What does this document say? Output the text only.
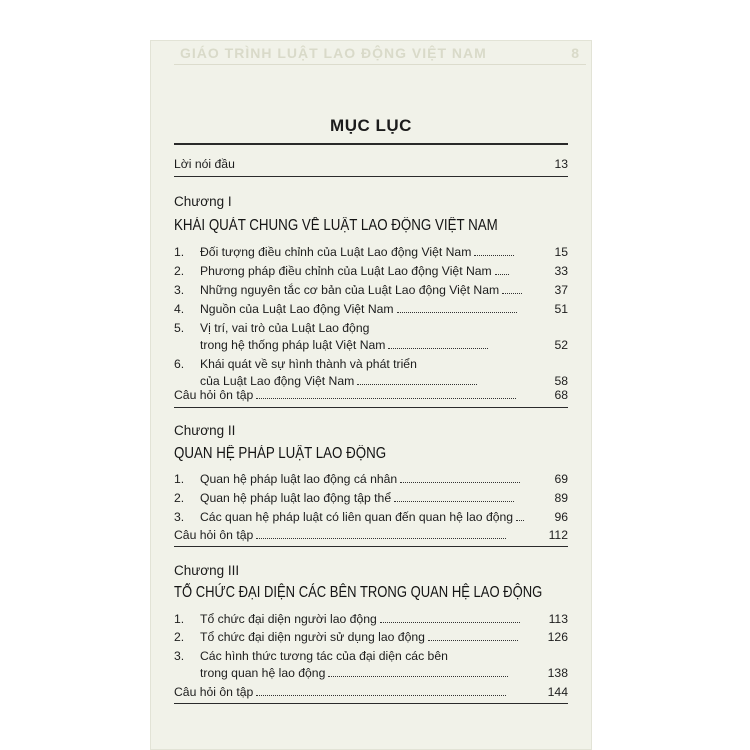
GIÁO TRÌNH LUẬT LAO ĐỘNG VIỆT NAM	8
MỤC LỤC
Lời nói đầu	13
Chương I
KHÁI QUÁT CHUNG VỀ LUẬT LAO ĐỘNG VIỆT NAM
1. Đối tượng điều chỉnh của Luật Lao động Việt Nam	15
2. Phương pháp điều chỉnh của Luật Lao động Việt Nam	33
3. Những nguyên tắc cơ bản của Luật Lao động Việt Nam	37
4. Nguồn của Luật Lao động Việt Nam	51
5. Vị trí, vai trò của Luật Lao động
trong hệ thống pháp luật Việt Nam	52
6. Khái quát về sự hình thành và phát triển
của Luật Lao động Việt Nam	58
Câu hỏi ôn tập	68
Chương II
QUAN HỆ PHÁP LUẬT LAO ĐỘNG
1. Quan hệ pháp luật lao động cá nhân	69
2. Quan hệ pháp luật lao động tập thể	89
3. Các quan hệ pháp luật có liên quan đến quan hệ lao động	96
Câu hỏi ôn tập	112
Chương III
TỔ CHỨC ĐẠI DIỆN CÁC BÊN TRONG QUAN HỆ LAO ĐỘNG
1. Tổ chức đại diện người lao động	113
2. Tổ chức đại diện người sử dụng lao động	126
3. Các hình thức tương tác của đại diện các bên
trong quan hệ lao động	138
Câu hỏi ôn tập	144
